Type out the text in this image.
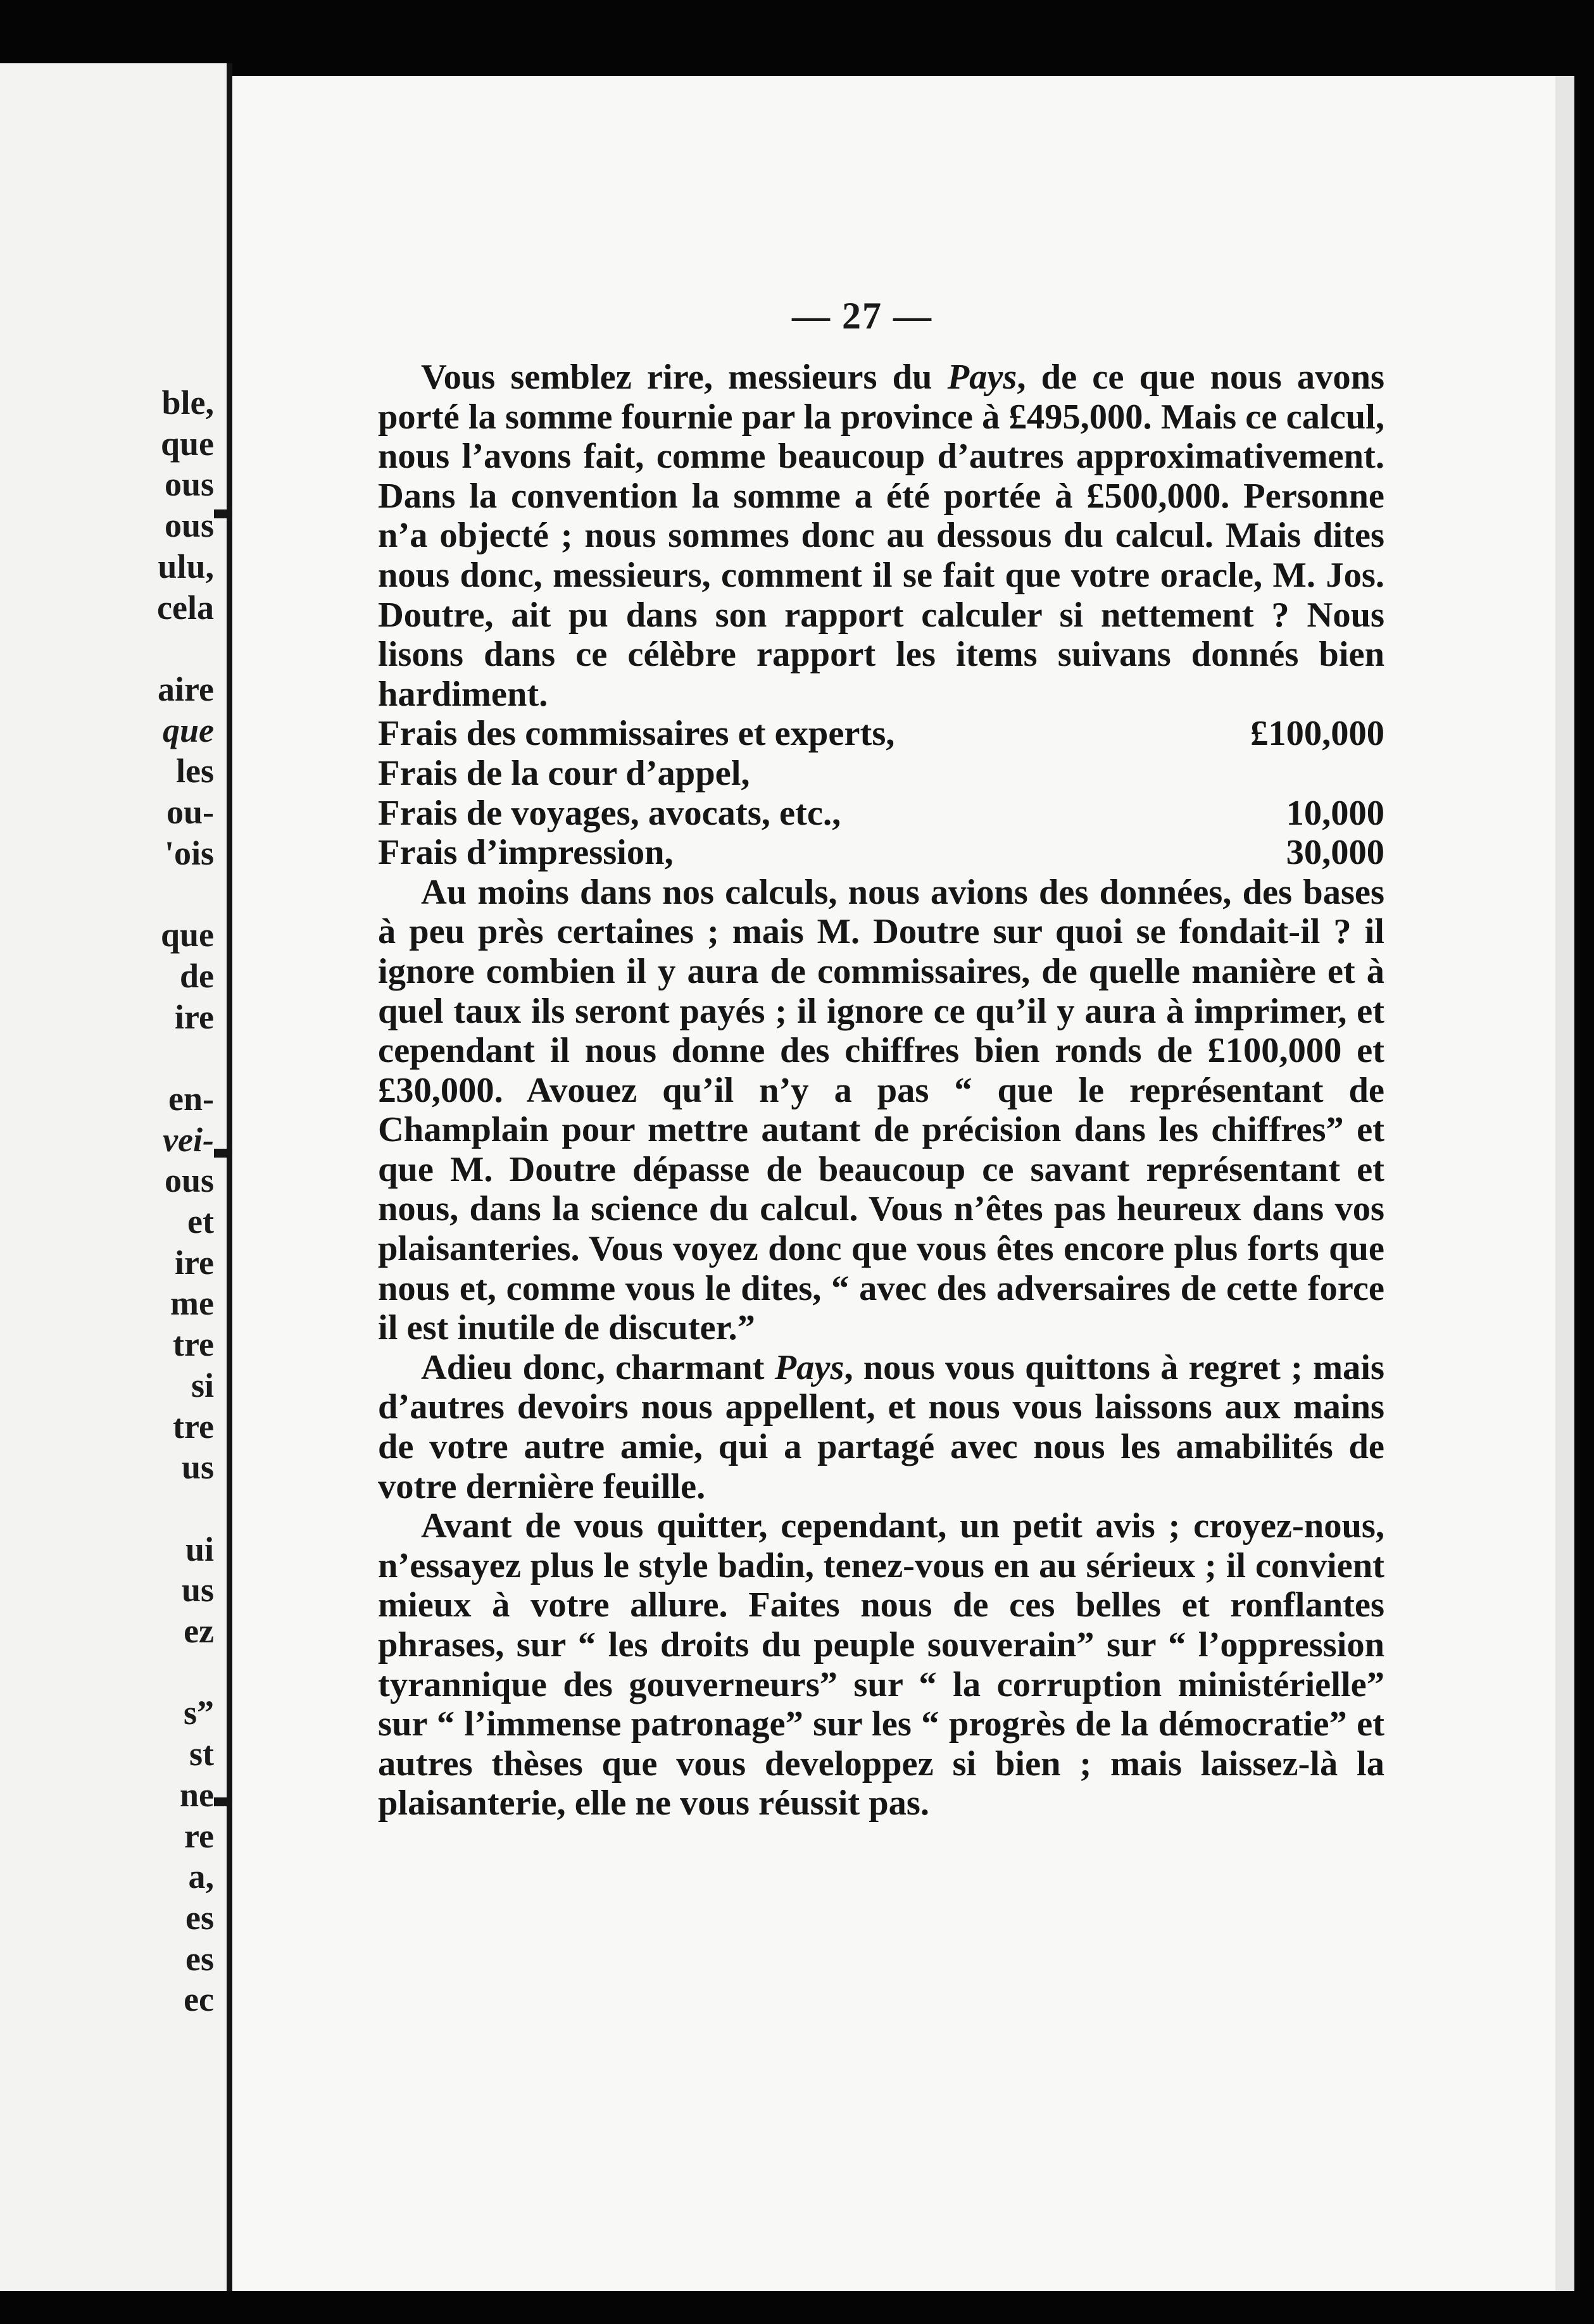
ble,
que
ous
ous
ulu,
cela
aire
que
les
ou-
'ois
que
de
ire
en-
vei-
ous
et
ire
me
tre
si
tre
us
ui
us
ez
s”
st
ne
re
a,
es
es
ec
— 27 —

Vous semblez rire, messieurs du Pays, de ce que nous avons porté la somme fournie par la province à £495,000. Mais ce calcul, nous l’avons fait, comme beaucoup d’autres approximativement. Dans la convention la somme a été portée à £500,000. Personne n’a objecté ; nous sommes donc au dessous du calcul. Mais dites nous donc, messieurs, comment il se fait que votre oracle, M. Jos. Doutre, ait pu dans son rapport calculer si nettement ? Nous lisons dans ce célèbre rapport les items suivans donnés bien hardiment.

Frais des commissaires et experts,	£100,000
Frais de la cour d’appel,
Frais de voyages, avocats, etc.,	10,000
Frais d’impression,	30,000

Au moins dans nos calculs, nous avions des données, des bases à peu près certaines ; mais M. Doutre sur quoi se fondait-il ? il ignore combien il y aura de commissaires, de quelle manière et à quel taux ils seront payés ; il ignore ce qu’il y aura à imprimer, et cependant il nous donne des chiffres bien ronds de £100,000 et £30,000. Avouez qu’il n’y a pas “ que le représentant de Champlain pour mettre autant de précision dans les chiffres” et que M. Doutre dépasse de beaucoup ce savant représentant et nous, dans la science du calcul. Vous n’êtes pas heureux dans vos plaisanteries. Vous voyez donc que vous êtes encore plus forts que nous et, comme vous le dites, “ avec des adversaires de cette force il est inutile de discuter.”

Adieu donc, charmant Pays, nous vous quittons à regret ; mais d’autres devoirs nous appellent, et nous vous laissons aux mains de votre autre amie, qui a partagé avec nous les amabilités de votre dernière feuille.

Avant de vous quitter, cependant, un petit avis ; croyez-nous, n’essayez plus le style badin, tenez-vous en au sérieux ; il convient mieux à votre allure. Faites nous de ces belles et ronflantes phrases, sur “ les droits du peuple souverain” sur “ l’oppression tyrannique des gouverneurs” sur “ la corruption ministérielle” sur “ l’immense patronage” sur les “ progrès de la démocratie” et autres thèses que vous developpez si bien ; mais laissez-là la plaisanterie, elle ne vous réussit pas.
